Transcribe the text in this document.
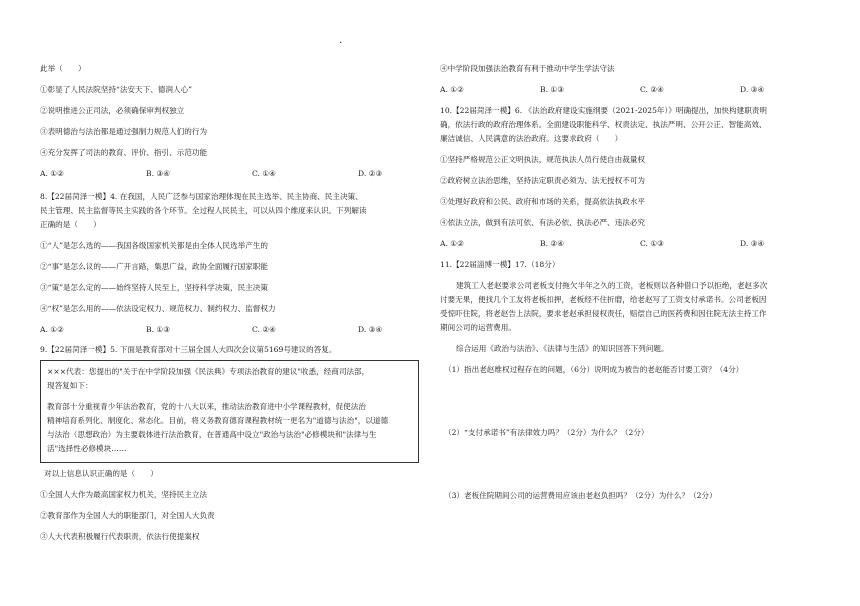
.
此举（　　）
①彰显了人民法院坚持“法安天下、德润人心”
②说明推进公正司法，必须确保审判权独立
③表明德治与法治都是通过强制力规范人们的行为
④充分发挥了司法的教育、评价、指引、示范功能
A. ①②	B. ③④	C. ①④	D. ②③
8.【22届菏泽一模】4. 在我国，人民广泛参与国家治理体现在民主选举、民主协商、民主决策、
民主管理、民主监督等民主实践的各个环节。全过程人民民主，可以从四个维度来认识。下列解读
正确的是（　　）
①“人”是怎么选的——我国各级国家机关都是由全体人民选举产生的
②“事”是怎么议的——广开言路，集思广益，政协全面履行国家职能
③“策”是怎么定的——始终坚持人民至上，坚持科学决策，民主决策
④“权”是怎么用的——依法设定权力、规范权力、制约权力、监督权力
A. ①②	B. ①③	C. ②④	D. ③④
9.【22届菏泽一模】5. 下面是教育部对十三届全国人大四次会议第5169号建议的答复。
×××代表：您提出的"关于在中学阶段加强《民法典》专项法治教育的建议"收悉，经商司法部，
现答复如下：
教育部十分重视青少年法治教育，党的十八大以来，推动法治教育进中小学课程教材，促使法治
精神培育系列化、制度化、常态化。目前，将义务教育德育课程教材统一更名为"道德与法治"，以道德
与法治（思想政治）为主要载体进行法治教育，在普通高中设立"政治与法治"必修模块和"法律与生
活"选择性必修模块……
对以上信息认识正确的是（　　）
①全国人大作为最高国家权力机关，坚持民主立法
②教育部作为全国人大的职能部门，对全国人大负责
③人大代表积极履行代表职责，依法行使提案权
④中学阶段加强法治教育有利于推动中学生学法守法
A. ①②	B. ①③	C. ②④	D. ③④
10.【22届菏泽一模】6. 《法治政府建设实施纲要（2021-2025年）》明确提出，加快构建职责明
确，依法行政的政府治理体系。全面建设职能科学、权责法定、执法严明、公开公正、智能高效、
廉洁诚信、人民满意的法治政府。这要求政府（　　）
①坚持严格规范公正文明执法，规范执法人员行使自由裁量权
②政府树立法治思维，坚持法定职责必须为、法无授权不可为
③处理好政府和公民、政府和市场的关系，提高依法执政水平
④依法立法，做到有法可依、有法必依、执法必严、违法必究
A. ①②	B. ②④	C. ①③	D. ③④
11.【22届淄博一模】17.（18分）
建筑工人老赵要求公司老板支付拖欠半年之久的工资，老板则以各种借口予以拒绝，老赵多次
讨要无果，便找几个工友将老板扣押，老板经不住折磨，给老赵写了工资支付承诺书。公司老板因
受惊吓住院，将老赵告上法院，要求老赵承担侵权责任，赔偿自己的医药费和因住院无法主持工作
期间公司的运营费用。
综合运用《政治与法治》、《法律与生活》的知识回答下列问题。
（1）指出老赵维权过程存在的问题，（6分）说明成为被告的老赵能否讨要工资？（4分）
（2）“支付承诺书”有法律效力吗？（2分）为什么？（2分）
（3）老板住院期间公司的运营费用应该由老赵负担吗？（2分）为什么？（2分）
